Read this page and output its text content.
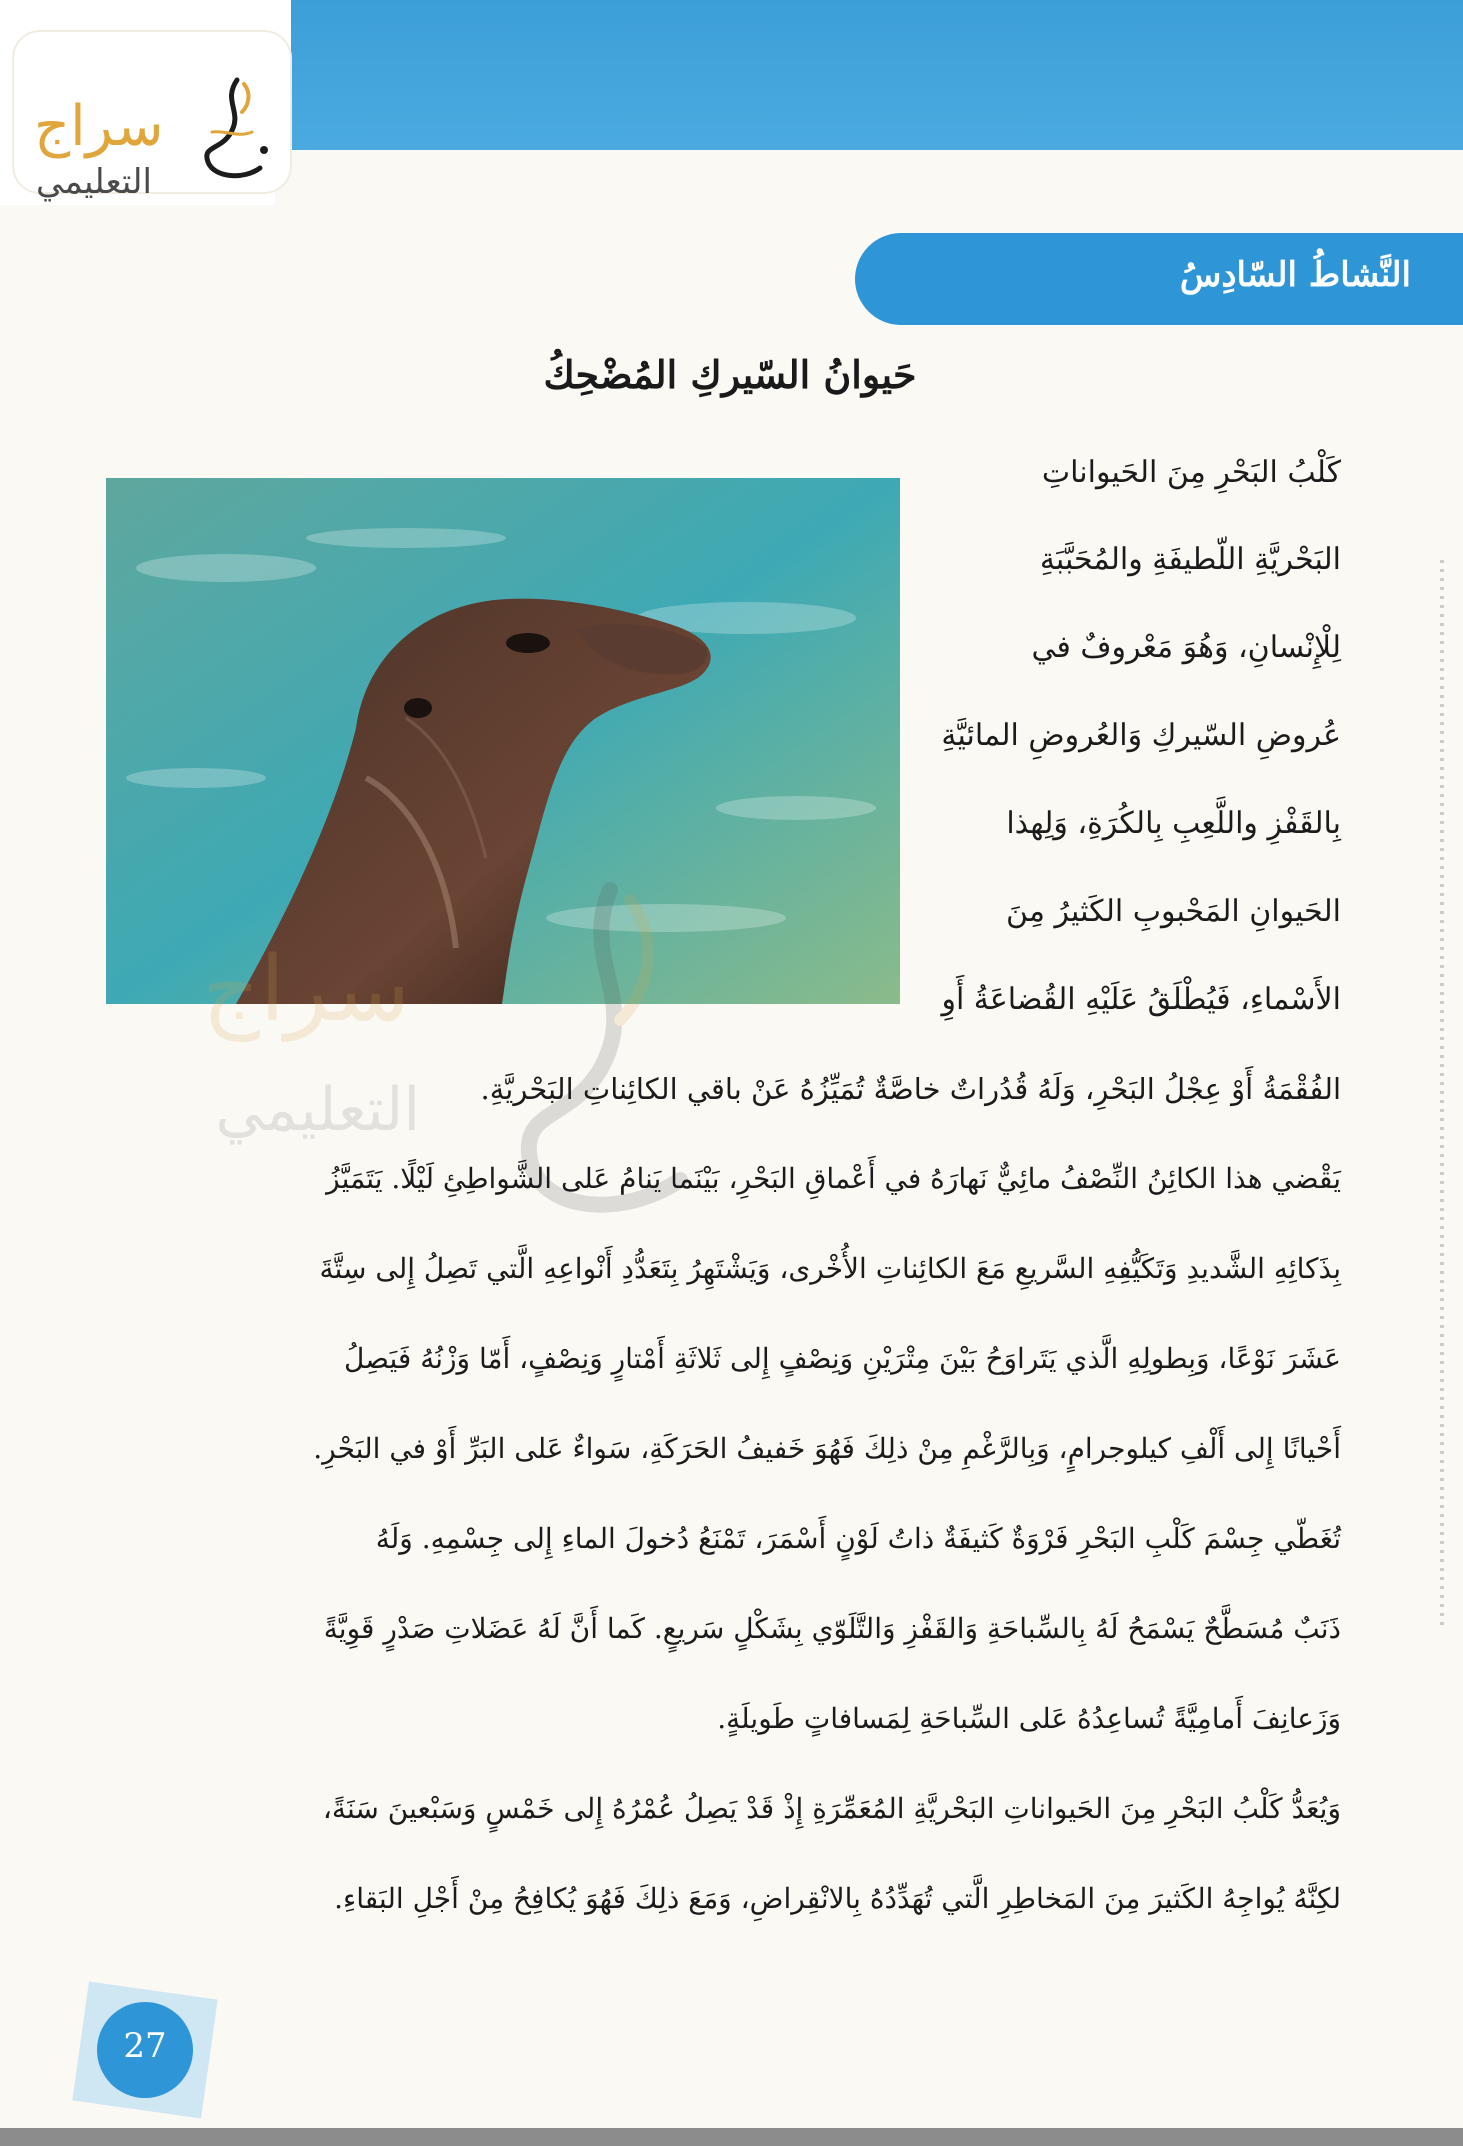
سراج
التعليمي
النَّشاطُ السّادِسُ
حَيوانُ السّيركِ المُضْحِكُ
التعليمي
كَلْبُ البَحْرِ مِنَ الحَيواناتِ
البَحْريَّةِ اللّطيفَةِ والمُحَبَّبَةِ
لِلْإِنْسانِ، وَهُوَ مَعْروفٌ في
عُروضِ السّيركِ وَالعُروضِ المائيَّةِ
بِالقَفْزِ واللَّعِبِ بِالكُرَةِ، وَلِهذا
الحَيوانِ المَحْبوبِ الكَثيرُ مِنَ
الأَسْماءِ، فَيُطْلَقُ عَلَيْهِ القُضاعَةُ أَوِ
الفُقْمَةُ أَوْ عِجْلُ البَحْرِ، وَلَهُ قُدُراتٌ خاصَّةٌ تُمَيِّزُهُ عَنْ باقي الكائِناتِ البَحْريَّةِ.
يَقْضي هذا الكائِنُ النِّصْفُ مائِيٌّ نَهارَهُ في أَعْماقِ البَحْرِ، بَيْنَما يَنامُ عَلى الشَّواطِئِ لَيْلًا. يَتَمَيَّزُ
بِذَكائِهِ الشَّديدِ وَتَكَيُّفِهِ السَّريعِ مَعَ الكائِناتِ الأُخْرى، وَيَشْتَهِرُ بِتَعَدُّدِ أَنْواعِهِ الَّتي تَصِلُ إِلى سِتَّةَ
عَشَرَ نَوْعًا، وَبِطولِهِ الَّذي يَتَراوَحُ بَيْنَ مِتْرَيْنِ وَنِصْفٍ إِلى ثَلاثَةِ أَمْتارٍ وَنِصْفٍ، أَمّا وَزْنُهُ فَيَصِلُ
أَحْيانًا إِلى أَلْفِ كيلوجرامٍ، وَبِالرَّغْمِ مِنْ ذلِكَ فَهُوَ خَفيفُ الحَرَكَةِ، سَواءٌ عَلى البَرِّ أَوْ في البَحْرِ.
تُغَطّي جِسْمَ كَلْبِ البَحْرِ فَرْوَةٌ كَثيفَةٌ ذاتُ لَوْنٍ أَسْمَرَ، تَمْنَعُ دُخولَ الماءِ إِلى جِسْمِهِ. وَلَهُ
ذَنَبٌ مُسَطَّحٌ يَسْمَحُ لَهُ بِالسِّباحَةِ وَالقَفْزِ وَالتَّلَوّي بِشَكْلٍ سَريعٍ. كَما أَنَّ لَهُ عَضَلاتِ صَدْرٍ قَوِيَّةً
وَزَعانِفَ أَمامِيَّةً تُساعِدُهُ عَلى السِّباحَةِ لِمَسافاتٍ طَويلَةٍ.
وَيُعَدُّ كَلْبُ البَحْرِ مِنَ الحَيواناتِ البَحْريَّةِ المُعَمِّرَةِ إِذْ قَدْ يَصِلُ عُمْرُهُ إِلى خَمْسٍ وَسَبْعينَ سَنَةً،
لكِنَّهُ يُواجِهُ الكَثيرَ مِنَ المَخاطِرِ الَّتي تُهَدِّدُهُ بِالانْقِراضِ، وَمَعَ ذلِكَ فَهُوَ يُكافِحُ مِنْ أَجْلِ البَقاءِ.
27
